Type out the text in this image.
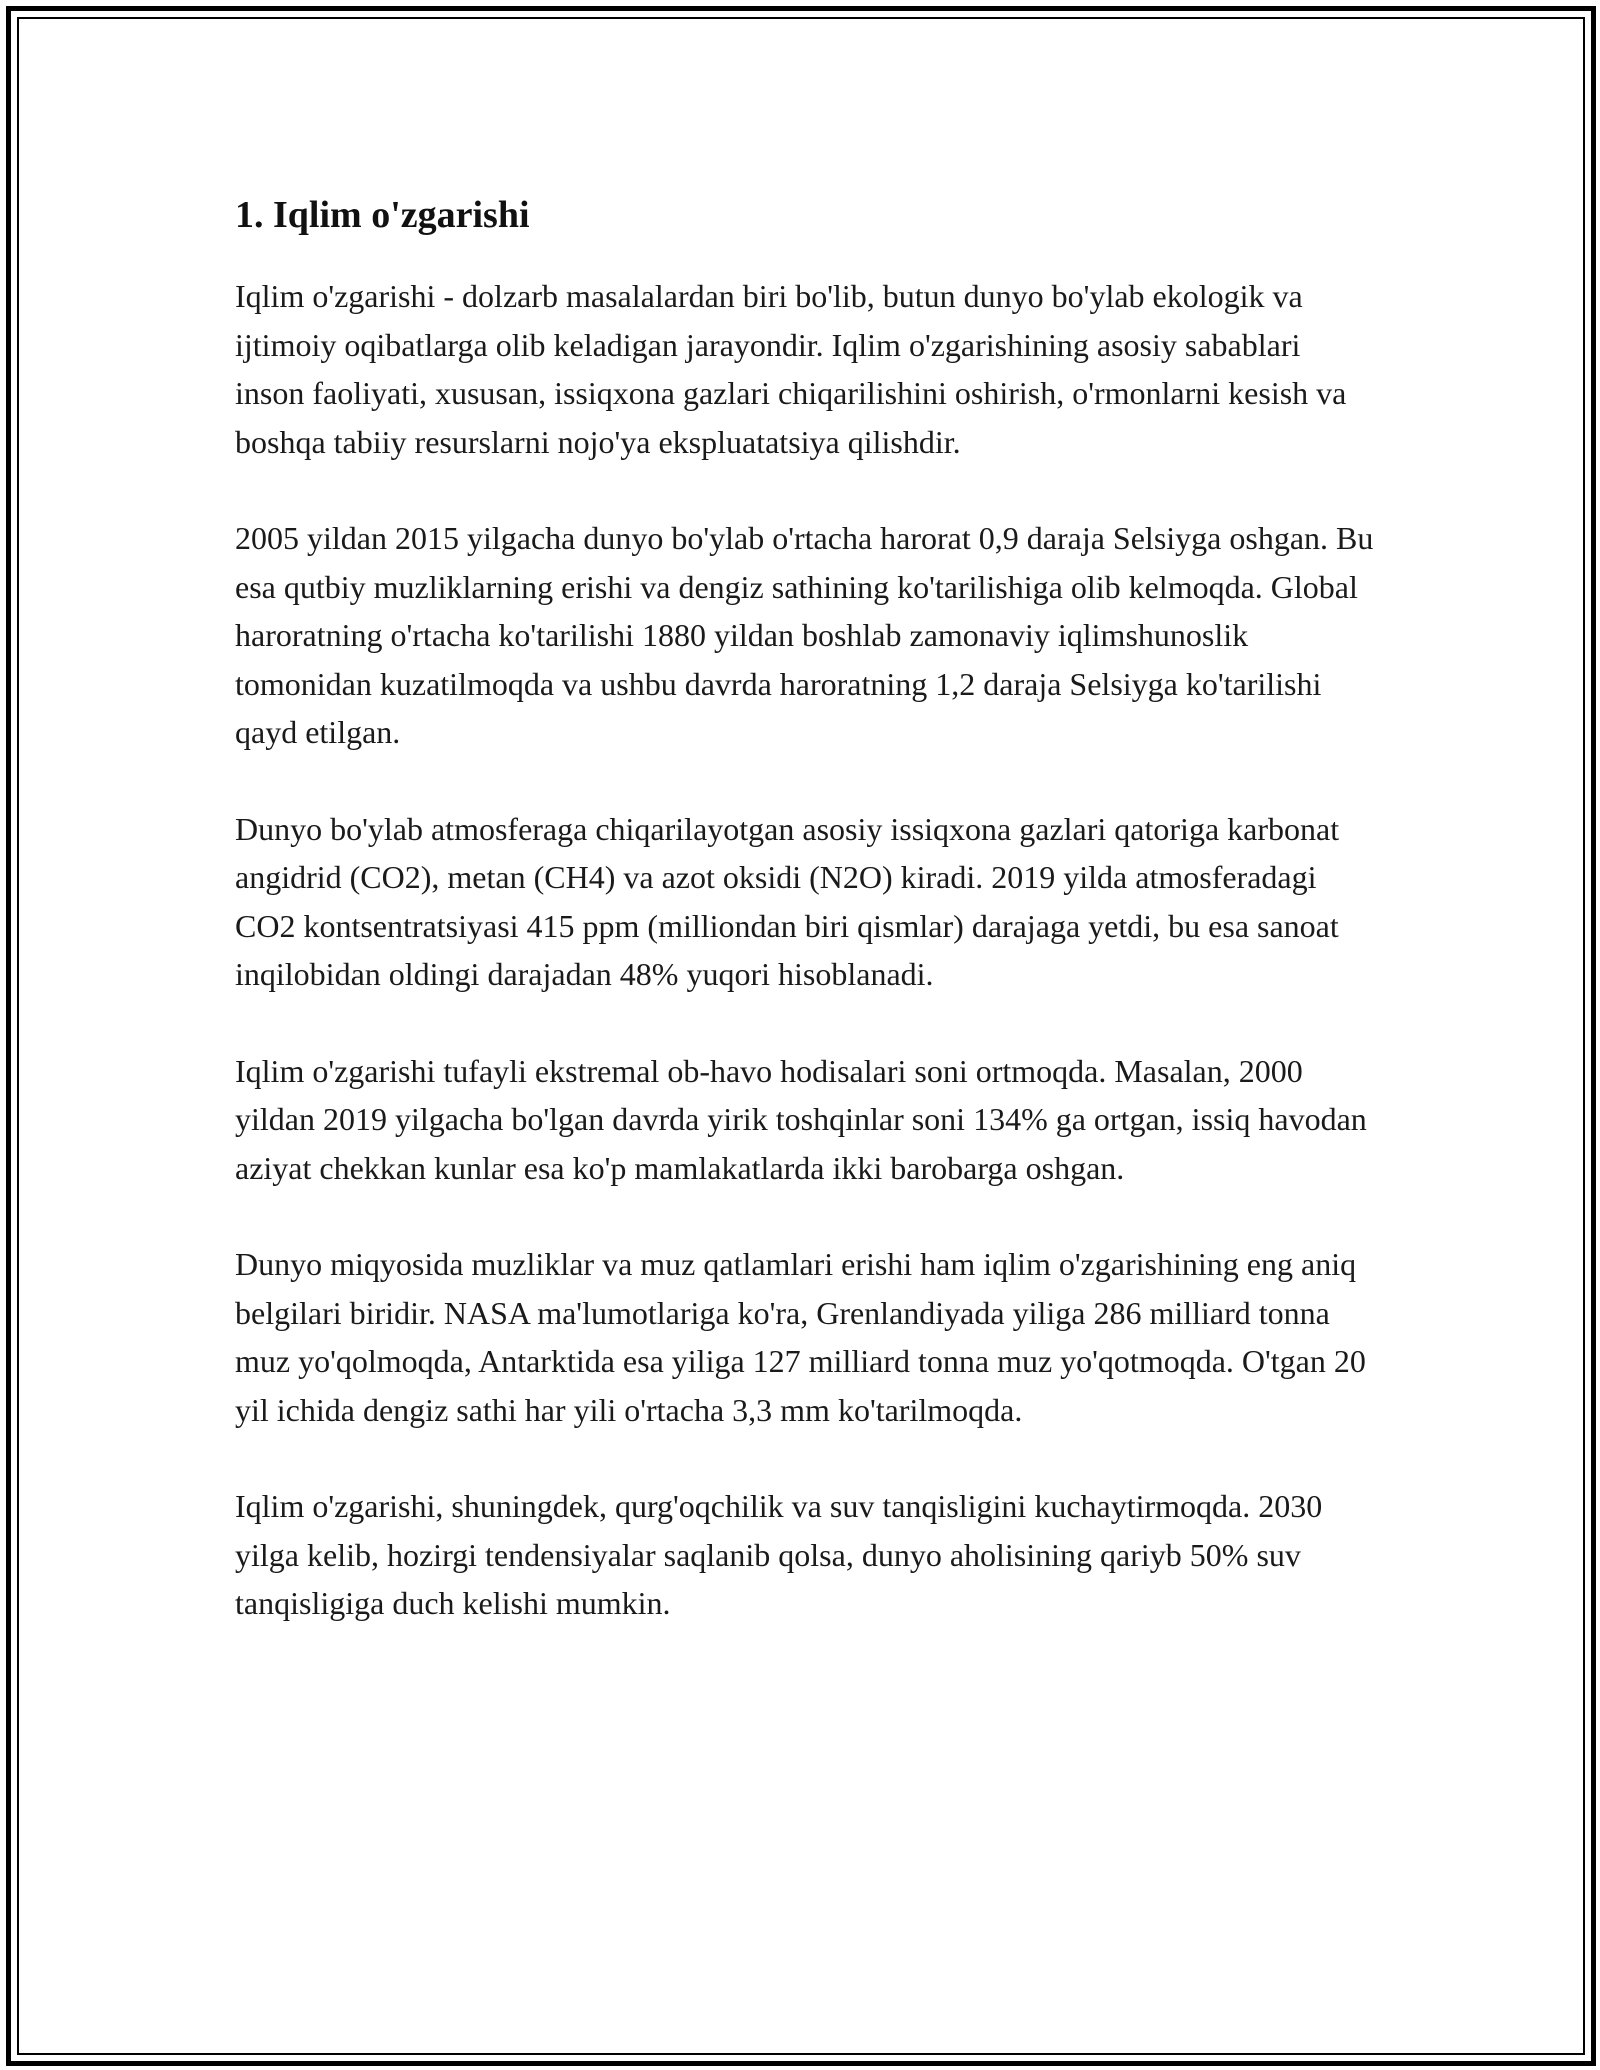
1. Iqlim o'zgarishi

Iqlim o'zgarishi - dolzarb masalalardan biri bo'lib, butun dunyo bo'ylab ekologik va ijtimoiy oqibatlarga olib keladigan jarayondir. Iqlim o'zgarishining asosiy sabablari inson faoliyati, xususan, issiqxona gazlari chiqarilishini oshirish, o'rmonlarni kesish va boshqa tabiiy resurslarni nojo'ya ekspluatatsiya qilishdir.

2005 yildan 2015 yilgacha dunyo bo'ylab o'rtacha harorat 0,9 daraja Selsiyga oshgan. Bu esa qutbiy muzliklarning erishi va dengiz sathining ko'tarilishiga olib kelmoqda. Global haroratning o'rtacha ko'tarilishi 1880 yildan boshlab zamonaviy iqlimshunoslik tomonidan kuzatilmoqda va ushbu davrda haroratning 1,2 daraja Selsiyga ko'tarilishi qayd etilgan.

Dunyo bo'ylab atmosferaga chiqarilayotgan asosiy issiqxona gazlari qatoriga karbonat angidrid (CO2), metan (CH4) va azot oksidi (N2O) kiradi. 2019 yilda atmosferadagi CO2 kontsentratsiyasi 415 ppm (milliondan biri qismlar) darajaga yetdi, bu esa sanoat inqilobidan oldingi darajadan 48% yuqori hisoblanadi.

Iqlim o'zgarishi tufayli ekstremal ob-havo hodisalari soni ortmoqda. Masalan, 2000 yildan 2019 yilgacha bo'lgan davrda yirik toshqinlar soni 134% ga ortgan, issiq havodan aziyat chekkan kunlar esa ko'p mamlakatlarda ikki barobarga oshgan.

Dunyo miqyosida muzliklar va muz qatlamlari erishi ham iqlim o'zgarishining eng aniq belgilari biridir. NASA ma'lumotlariga ko'ra, Grenlandiyada yiliga 286 milliard tonna muz yo'qolmoqda, Antarktida esa yiliga 127 milliard tonna muz yo'qotmoqda. O'tgan 20 yil ichida dengiz sathi har yili o'rtacha 3,3 mm ko'tarilmoqda.

Iqlim o'zgarishi, shuningdek, qurg'oqchilik va suv tanqisligini kuchaytirmoqda. 2030 yilga kelib, hozirgi tendensiyalar saqlanib qolsa, dunyo aholisining qariyb 50% suv tanqisligiga duch kelishi mumkin.
